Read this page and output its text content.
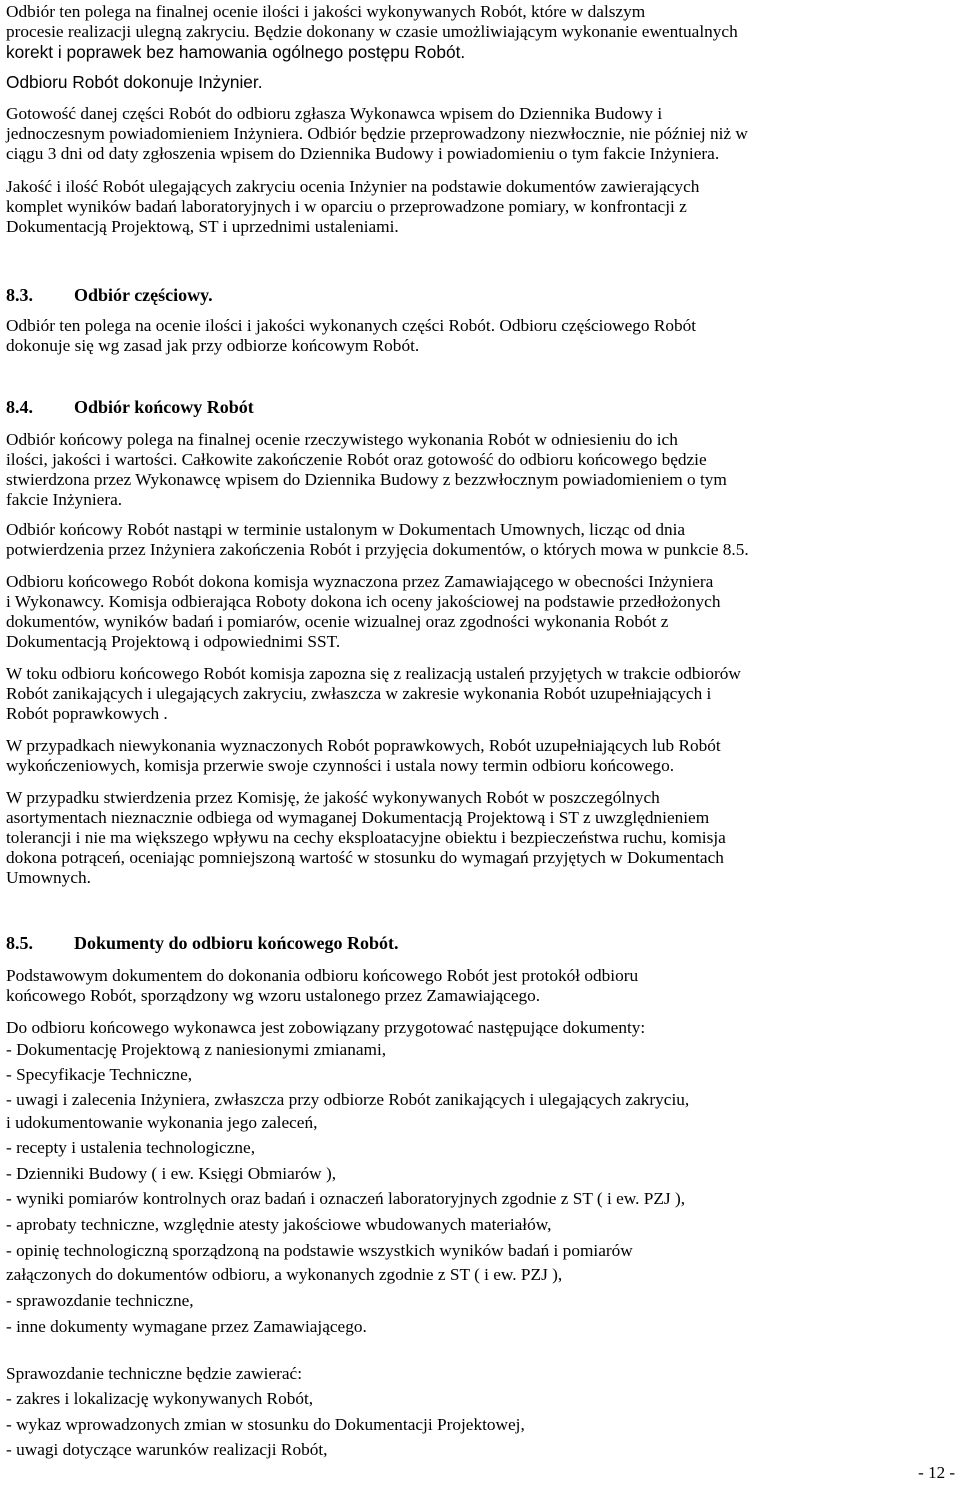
Odbiór ten polega na finalnej ocenie ilości i jakości wykonywanych Robót, które w dalszym
procesie realizacji ulegną zakryciu. Będzie dokonany w czasie umożliwiającym wykonanie ewentualnych
korekt i poprawek bez hamowania ogólnego postępu Robót.
Odbioru Robót dokonuje Inżynier.
Gotowość danej części Robót do odbioru zgłasza Wykonawca wpisem do Dziennika Budowy i
jednoczesnym powiadomieniem Inżyniera. Odbiór będzie przeprowadzony niezwłocznie, nie później niż w
ciągu 3 dni od daty zgłoszenia wpisem do Dziennika Budowy i powiadomieniu o tym fakcie Inżyniera.
Jakość i ilość Robót ulegających zakryciu ocenia Inżynier na podstawie dokumentów zawierających
komplet wyników badań laboratoryjnych i w oparciu o przeprowadzone pomiary, w konfrontacji z
Dokumentacją Projektową, ST i uprzednimi ustaleniami.
8.3. Odbiór częściowy.
Odbiór ten polega na ocenie ilości i jakości wykonanych części Robót. Odbioru częściowego Robót
dokonuje się wg zasad jak przy odbiorze końcowym Robót.
8.4. Odbiór końcowy Robót
Odbiór końcowy polega na finalnej ocenie rzeczywistego wykonania Robót w odniesieniu do ich
ilości, jakości i wartości. Całkowite zakończenie Robót oraz gotowość do odbioru końcowego będzie
stwierdzona przez Wykonawcę wpisem do Dziennika Budowy z bezzwłocznym powiadomieniem o tym
fakcie Inżyniera.
Odbiór końcowy Robót nastąpi w terminie ustalonym w Dokumentach Umownych, licząc od dnia
potwierdzenia przez Inżyniera zakończenia Robót i przyjęcia dokumentów, o których mowa w punkcie 8.5.
Odbioru końcowego Robót dokona komisja wyznaczona przez Zamawiającego w obecności Inżyniera
i Wykonawcy. Komisja odbierająca Roboty dokona ich oceny jakościowej na podstawie przedłożonych
dokumentów, wyników badań i pomiarów, ocenie wizualnej oraz zgodności wykonania Robót z
Dokumentacją Projektową i odpowiednimi SST.
W toku odbioru końcowego Robót komisja zapozna się z realizacją ustaleń przyjętych w trakcie odbiorów
Robót zanikających i ulegających zakryciu, zwłaszcza w zakresie wykonania Robót uzupełniających i
Robót poprawkowych .
W przypadkach niewykonania wyznaczonych Robót poprawkowych, Robót uzupełniających lub Robót
wykończeniowych, komisja przerwie swoje czynności i ustala nowy termin odbioru końcowego.
W przypadku stwierdzenia przez Komisję, że jakość wykonywanych Robót w poszczególnych
asortymentach nieznacznie odbiega od wymaganej Dokumentacją Projektową i ST z uwzględnieniem
tolerancji i nie ma większego wpływu na cechy eksploatacyjne obiektu i bezpieczeństwa ruchu, komisja
dokona potrąceń, oceniając pomniejszoną wartość w stosunku do wymagań przyjętych w Dokumentach
Umownych.
8.5. Dokumenty do odbioru końcowego Robót.
Podstawowym dokumentem do dokonania odbioru końcowego Robót jest protokół odbioru
końcowego Robót, sporządzony wg wzoru ustalonego przez Zamawiającego.
Do odbioru końcowego wykonawca jest zobowiązany przygotować następujące dokumenty:
- Dokumentację Projektową z naniesionymi zmianami,
- Specyfikacje Techniczne,
- uwagi i zalecenia Inżyniera, zwłaszcza przy odbiorze Robót zanikających i ulegających zakryciu,
i udokumentowanie wykonania jego zaleceń,
- recepty i ustalenia technologiczne,
- Dzienniki Budowy ( i ew. Księgi Obmiarów ),
- wyniki pomiarów kontrolnych oraz badań i oznaczeń laboratoryjnych zgodnie z ST ( i ew. PZJ ),
- aprobaty techniczne, względnie atesty jakościowe wbudowanych materiałów,
- opinię technologiczną sporządzoną na podstawie wszystkich wyników badań i pomiarów
załączonych do dokumentów odbioru, a wykonanych zgodnie z ST ( i ew. PZJ ),
- sprawozdanie techniczne,
- inne dokumenty wymagane przez Zamawiającego.
Sprawozdanie techniczne będzie zawierać:
- zakres i lokalizację wykonywanych Robót,
- wykaz wprowadzonych zmian w stosunku do Dokumentacji Projektowej,
- uwagi dotyczące warunków realizacji Robót,
- 12 -
